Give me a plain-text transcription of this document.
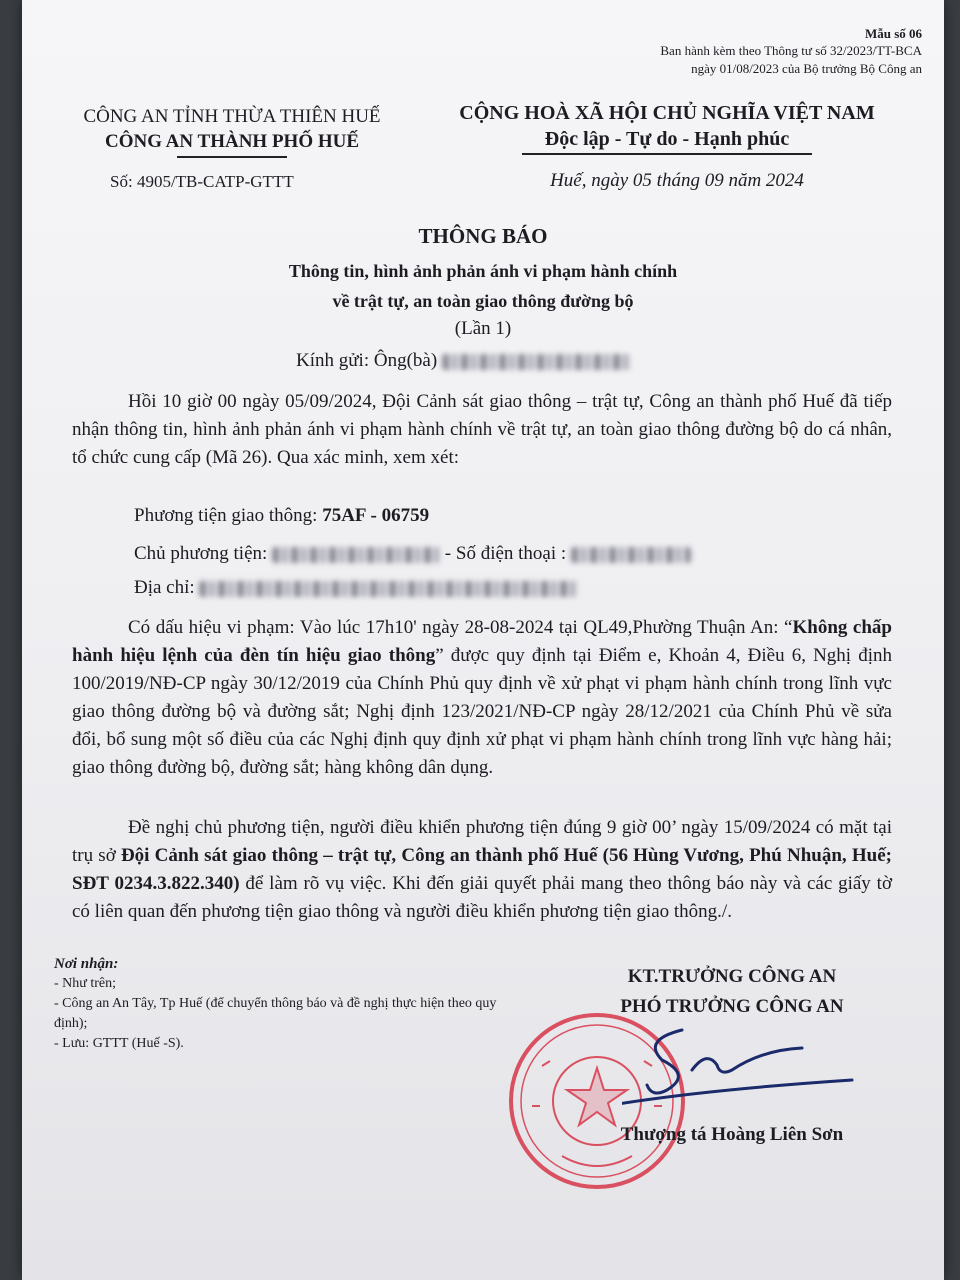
Mẫu số 06
Ban hành kèm theo Thông tư số 32/2023/TT-BCA
ngày 01/08/2023 của Bộ trưởng Bộ Công an
CÔNG AN TỈNH THỪA THIÊN HUẾ
CÔNG AN THÀNH PHỐ HUẾ
CỘNG HOÀ XÃ HỘI CHỦ NGHĨA VIỆT NAM
Độc lập - Tự do - Hạnh phúc
Số: 4905/TB-CATP-GTTT	Huế, ngày 05 tháng 09 năm 2024
THÔNG BÁO
Thông tin, hình ảnh phản ánh vi phạm hành chính
về trật tự, an toàn giao thông đường bộ
(Lần 1)
Kính gửi: Ông(bà)
Hồi 10 giờ 00 ngày 05/09/2024, Đội Cảnh sát giao thông – trật tự, Công an thành phố Huế đã tiếp nhận thông tin, hình ảnh phản ánh vi phạm hành chính về trật tự, an toàn giao thông đường bộ do cá nhân, tổ chức cung cấp (Mã 26). Qua xác minh, xem xét:
Phương tiện giao thông: 75AF - 06759
Chủ phương tiện:	- Số điện thoại :
Địa chỉ:
Có dấu hiệu vi phạm: Vào lúc 17h10' ngày 28-08-2024 tại QL49,Phường Thuận An: “Không chấp hành hiệu lệnh của đèn tín hiệu giao thông” được quy định tại Điểm e, Khoản 4, Điều 6, Nghị định 100/2019/NĐ-CP ngày 30/12/2019 của Chính Phủ quy định về xử phạt vi phạm hành chính trong lĩnh vực giao thông đường bộ và đường sắt; Nghị định 123/2021/NĐ-CP ngày 28/12/2021 của Chính Phủ về sửa đổi, bổ sung một số điều của các Nghị định quy định xử phạt vi phạm hành chính trong lĩnh vực hàng hải; giao thông đường bộ, đường sắt; hàng không dân dụng.
Đề nghị chủ phương tiện, người điều khiển phương tiện đúng 9 giờ 00’ ngày 15/09/2024 có mặt tại trụ sở Đội Cảnh sát giao thông – trật tự, Công an thành phố Huế (56 Hùng Vương, Phú Nhuận, Huế; SĐT 0234.3.822.340) để làm rõ vụ việc. Khi đến giải quyết phải mang theo thông báo này và các giấy tờ có liên quan đến phương tiện giao thông và người điều khiển phương tiện giao thông./.
Nơi nhận:
- Như trên;
- Công an An Tây, Tp Huế (để chuyển thông báo và đề nghị thực hiện theo quy định);
- Lưu: GTTT (Huế -S).
KT.TRƯỞNG CÔNG AN
PHÓ TRƯỞNG CÔNG AN
Thượng tá Hoàng Liên Sơn
